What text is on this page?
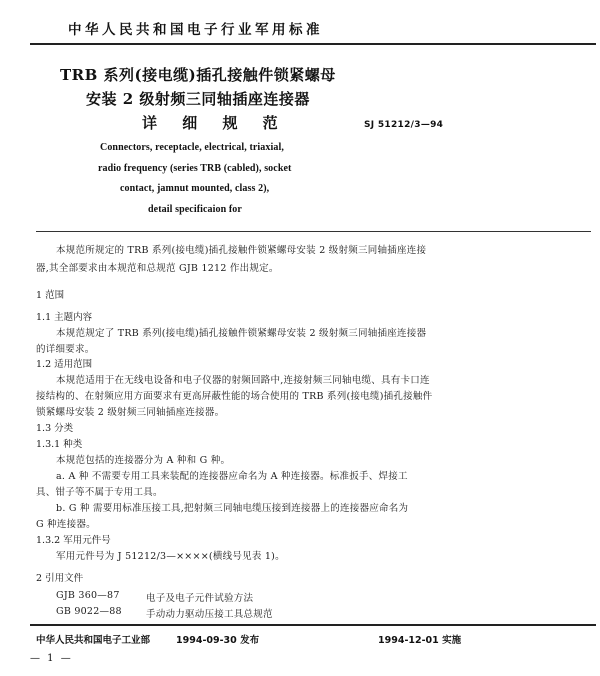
中华人民共和国电子行业军用标准
TRB 系列(接电缆)插孔接触件锁紧螺母
安装 2 级射频三同轴插座连接器
详 细 规 范	SJ 51212/3—94
Connectors, receptacle, electrical, triaxial,
radio frequency (series TRB (cabled), socket
contact, jamnut mounted, class 2),
detail specificaion for
本规范所规定的 TRB 系列(接电缆)插孔接触件锁紧螺母安装 2 级射频三同轴插座连接
器,其全部要求由本规范和总规范 GJB 1212 作出规定。
1 范围
1.1 主题内容
本规范规定了 TRB 系列(接电缆)插孔接触件锁紧螺母安装 2 级射频三同轴插座连接器
的详细要求。
1.2 适用范围
本规范适用于在无线电设备和电子仪器的射频回路中,连接射频三同轴电缆、具有卡口连
接结构的、在射频应用方面要求有更高屏蔽性能的场合使用的 TRB 系列(接电缆)插孔接触件
锁紧螺母安装 2 级射频三同轴插座连接器。
1.3 分类
1.3.1 种类
本规范包括的连接器分为 A 种和 G 种。
a. A 种 不需要专用工具来装配的连接器应命名为 A 种连接器。标准扳手、焊接工
具、钳子等不属于专用工具。
b. G 种 需要用标准压接工具,把射频三同轴电缆压接到连接器上的连接器应命名为
G 种连接器。
1.3.2 军用元件号
军用元件号为 J 51212/3—××××(横线号见表 1)。
2 引用文件
GJB 360—87	电子及电子元件试验方法
GB 9022—88	手动动力驱动压接工具总规范
中华人民共和国电子工业部	1994-09-30 发布	1994-12-01 实施
— 1 —
